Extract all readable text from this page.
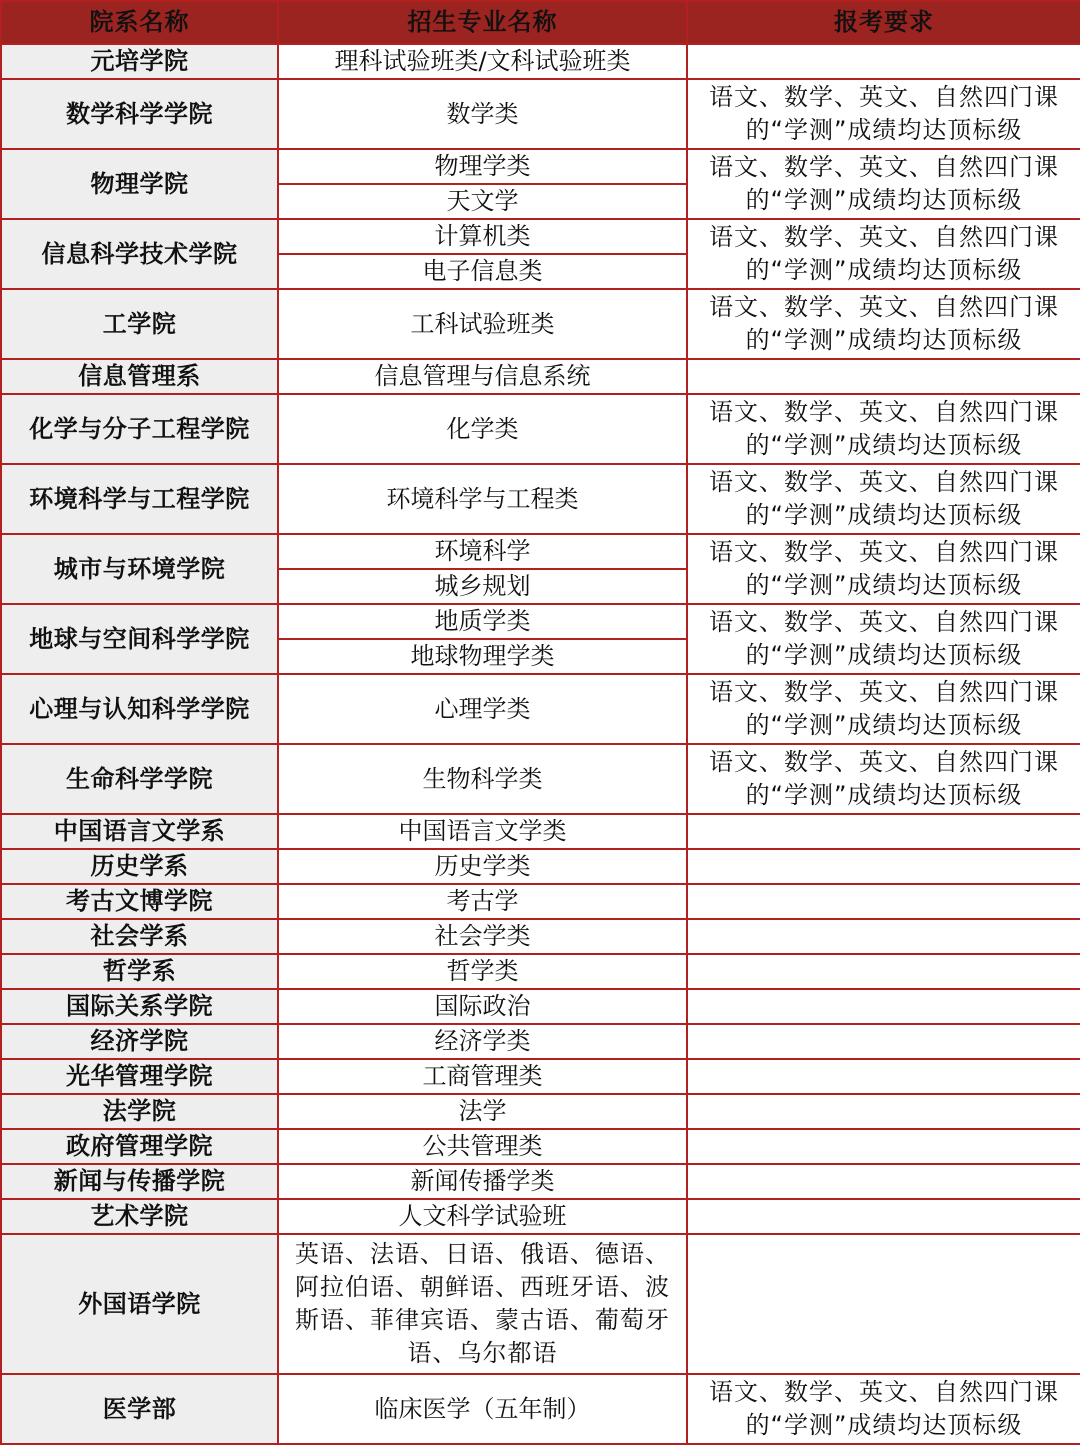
院系名称	招生专业名称	报考要求
元培学院	理科试验班类/文科试验班类	
数学科学学院	数学类	语文、数学、英文、自然四门课的“学测”成绩均达顶标级
物理学院	物理学类	语文、数学、英文、自然四门课的“学测”成绩均达顶标级
	天文学	
信息科学技术学院	计算机类	语文、数学、英文、自然四门课的“学测”成绩均达顶标级
	电子信息类	
工学院	工科试验班类	语文、数学、英文、自然四门课的“学测”成绩均达顶标级
信息管理系	信息管理与信息系统	
化学与分子工程学院	化学类	语文、数学、英文、自然四门课的“学测”成绩均达顶标级
环境科学与工程学院	环境科学与工程类	语文、数学、英文、自然四门课的“学测”成绩均达顶标级
城市与环境学院	环境科学	语文、数学、英文、自然四门课的“学测”成绩均达顶标级
	城乡规划	
地球与空间科学学院	地质学类	语文、数学、英文、自然四门课的“学测”成绩均达顶标级
	地球物理学类	
心理与认知科学学院	心理学类	语文、数学、英文、自然四门课的“学测”成绩均达顶标级
生命科学学院	生物科学类	语文、数学、英文、自然四门课的“学测”成绩均达顶标级
中国语言文学系	中国语言文学类	
历史学系	历史学类	
考古文博学院	考古学	
社会学系	社会学类	
哲学系	哲学类	
国际关系学院	国际政治	
经济学院	经济学类	
光华管理学院	工商管理类	
法学院	法学	
政府管理学院	公共管理类	
新闻与传播学院	新闻传播学类	
艺术学院	人文科学试验班	
外国语学院	英语、法语、日语、俄语、德语、阿拉伯语、朝鲜语、西班牙语、波斯语、菲律宾语、蒙古语、葡萄牙语、乌尔都语	
医学部	临床医学（五年制）	语文、数学、英文、自然四门课的“学测”成绩均达顶标级
